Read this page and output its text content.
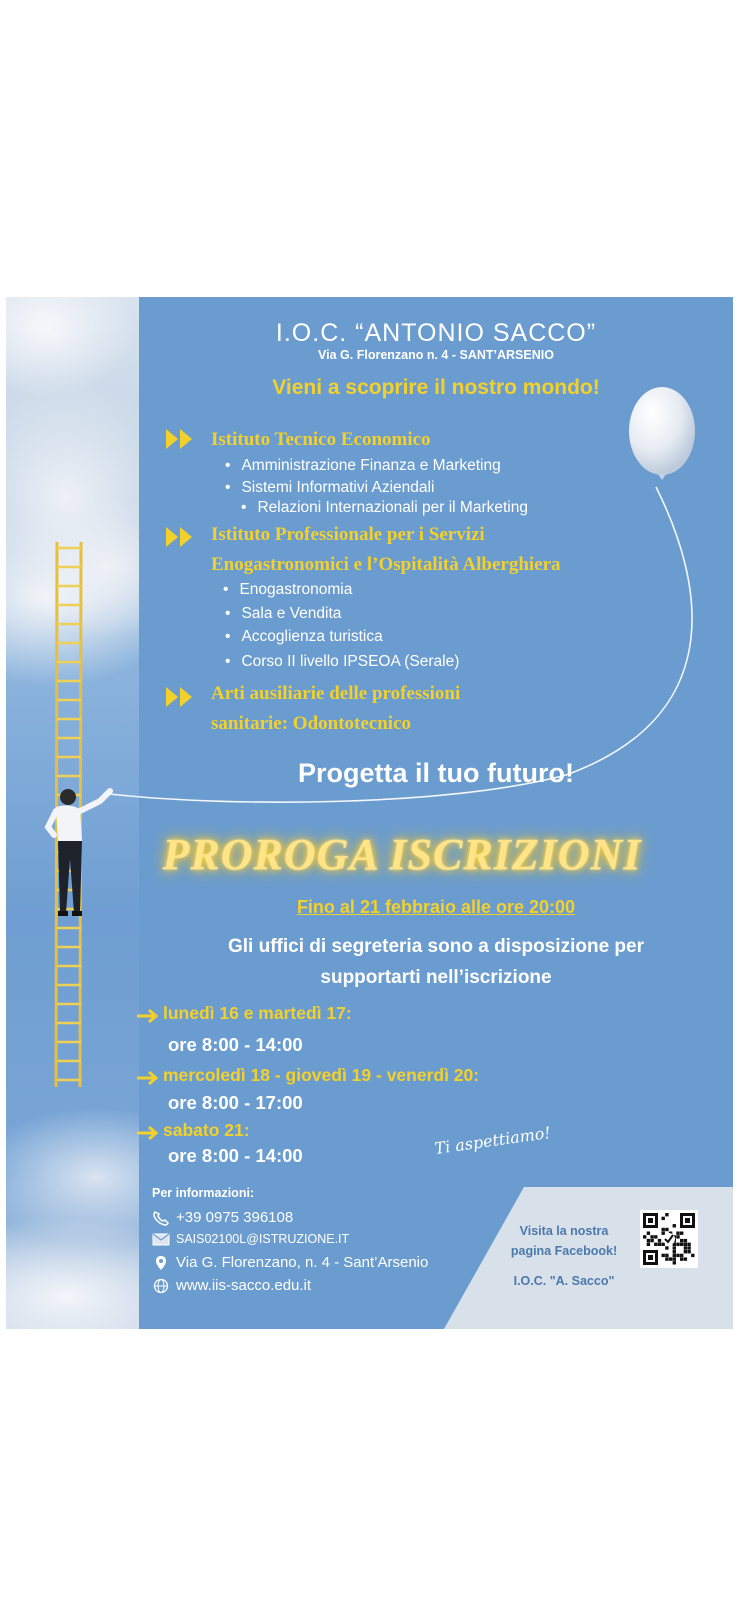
I.O.C. “ANTONIO SACCO”
Via G. Florenzano n. 4 - SANT’ARSENIO
Vieni a scoprire il nostro mondo!
Istituto Tecnico Economico
• Amministrazione Finanza e Marketing
• Sistemi Informativi Aziendali
• Relazioni Internazionali per il Marketing
Istituto Professionale per i Servizi
Enogastronomici e l’Ospitalità Alberghiera
• Enogastronomia
• Sala e Vendita
• Accoglienza turistica
• Corso II livello IPSEOA (Serale)
Arti ausiliarie delle professioni
sanitarie: Odontotecnico
Progetta il tuo futuro!
PROROGA ISCRIZIONI
Fino al 21 febbraio alle ore 20:00
Gli uffici di segreteria sono a disposizione per
supportarti nell’iscrizione
lunedì 16 e martedì 17:
ore 8:00 - 14:00
mercoledì 18 - giovedì 19 - venerdì 20:
ore 8:00 - 17:00
sabato 21:
ore 8:00 - 14:00	Ti aspettiamo!
Per informazioni:
+39 0975 396108
SAIS02100L@ISTRUZIONE.IT
Via G. Florenzano, n. 4 - Sant’Arsenio
www.iis-sacco.edu.it
Visita la nostra
pagina Facebook!
I.O.C. "A. Sacco"
